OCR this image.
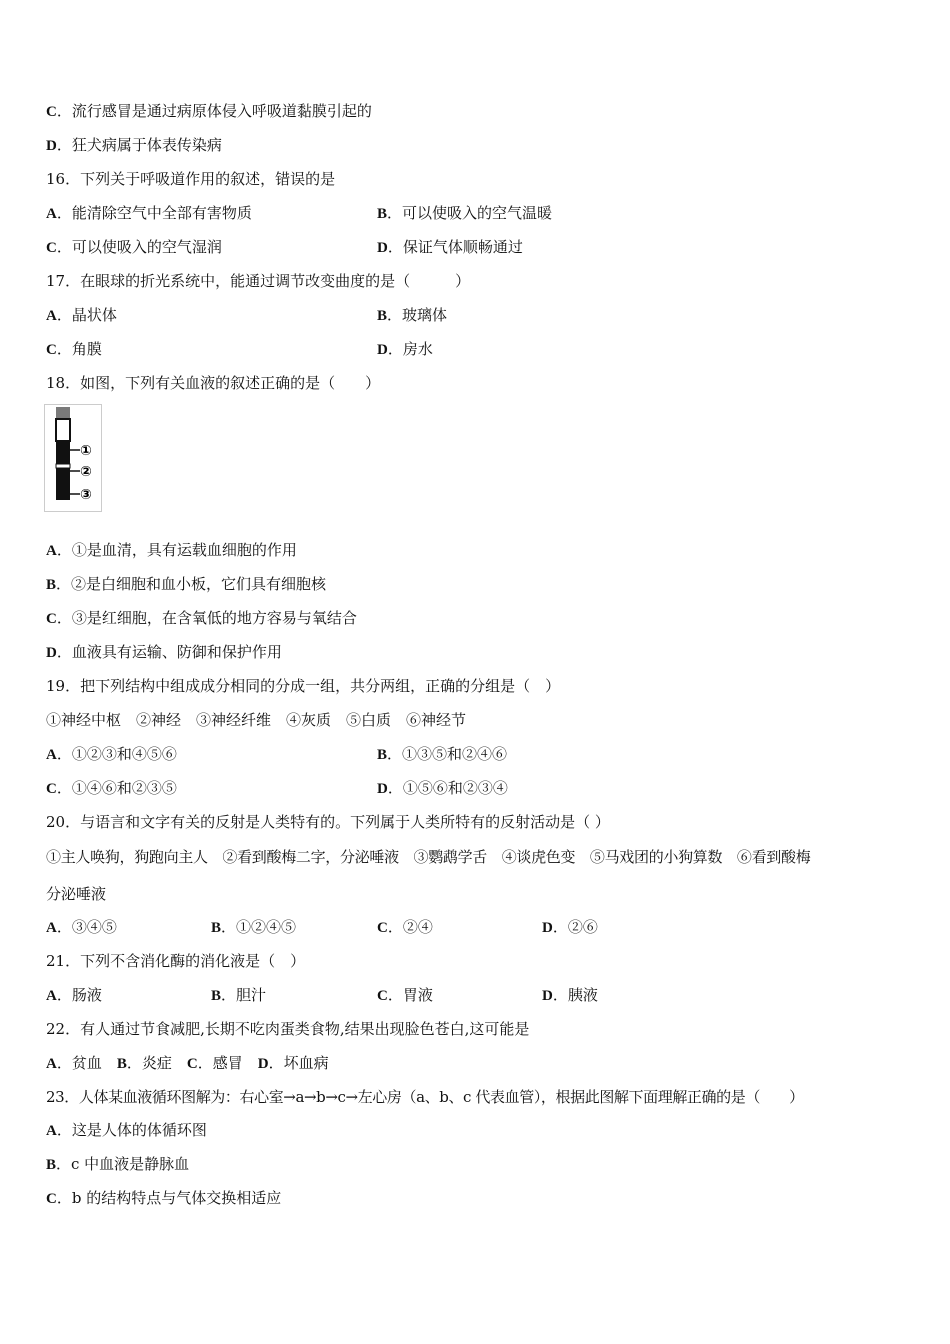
C．流行感冒是通过病原体侵入呼吸道黏膜引起的
D．狂犬病属于体表传染病
16．下列关于呼吸道作用的叙述，错误的是
A．能清除空气中全部有害物质	B．可以使吸入的空气温暖
C．可以使吸入的空气湿润	D．保证气体顺畅通过
17．在眼球的折光系统中，能通过调节改变曲度的是（　　　）
A．晶状体	B．玻璃体
C．角膜	D．房水
18．如图，下列有关血液的叙述正确的是（　　）
①
②
③
A．①是血清，具有运载血细胞的作用
B．②是白细胞和血小板，它们具有细胞核
C．③是红细胞，在含氧低的地方容易与氧结合
D．血液具有运输、防御和保护作用
19．把下列结构中组成成分相同的分成一组，共分两组，正确的分组是（　）
①神经中枢　②神经　③神经纤维　④灰质　⑤白质　⑥神经节
A．①②③和④⑤⑥	B．①③⑤和②④⑥
C．①④⑥和②③⑤	D．①⑤⑥和②③④
20．与语言和文字有关的反射是人类特有的。下列属于人类所特有的反射活动是（ ）
①主人唤狗，狗跑向主人　②看到酸梅二字，分泌唾液　③鹦鹉学舌　④谈虎色变　⑤马戏团的小狗算数　⑥看到酸梅
分泌唾液
A．③④⑤	B．①②④⑤	C．②④	D．②⑥
21．下列不含消化酶的消化液是（　）
A．肠液	B．胆汁	C．胃液	D．胰液
22．有人通过节食减肥,长期不吃肉蛋类食物,结果出现脸色苍白,这可能是
A．贫血　B．炎症　C．感冒　D．坏血病
23．人体某血液循环图解为：右心室→a→b→c→左心房（a、b、c 代表血管），根据此图解下面理解正确的是（　　）
A．这是人体的体循环图
B．c 中血液是静脉血
C．b 的结构特点与气体交换相适应
